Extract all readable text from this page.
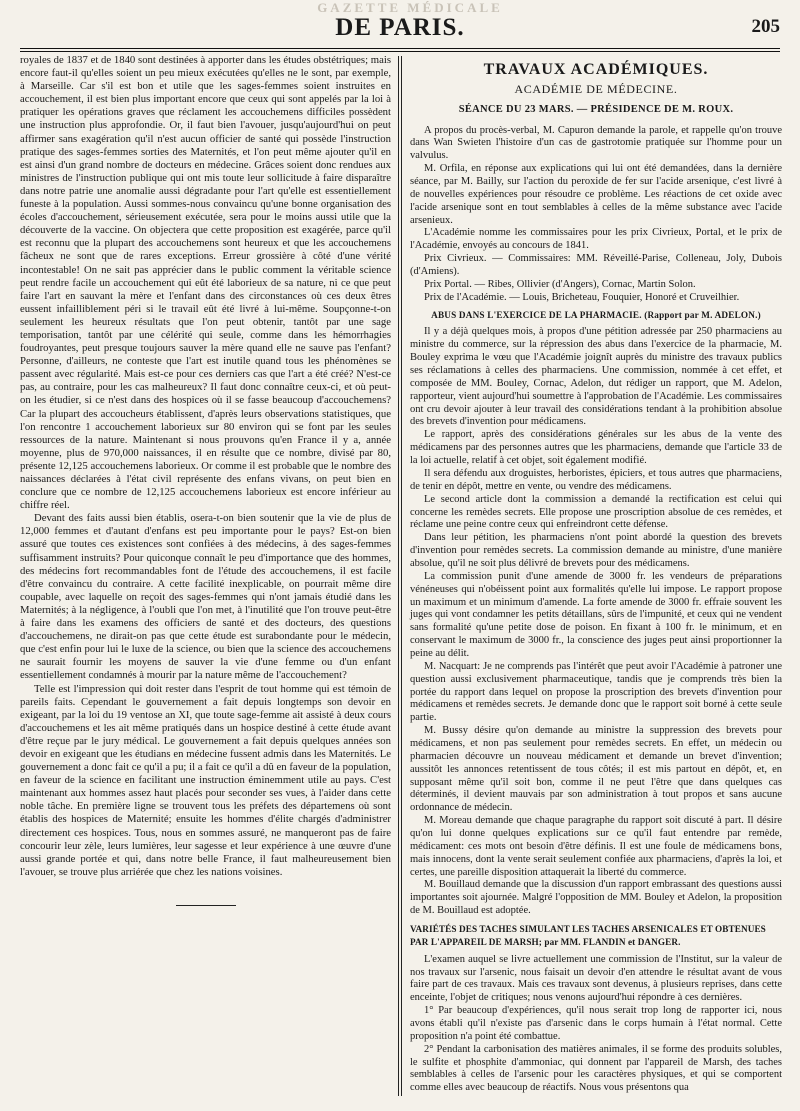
GAZETTE MÉDICALE
DE PARIS.	205

royales de 1837 et de 1840 sont destinées à apporter dans les études obstétriques; mais encore faut-il qu'elles soient un peu mieux exécutées qu'elles ne le sont, par exemple, à Marseille. Car s'il est bon et utile que les sages-femmes soient instruites en accouchement, il est bien plus important encore que ceux qui sont appelés par la loi à pratiquer les opérations graves que réclament les accouchemens difficiles possèdent une instruction plus approfondie. Or, il faut bien l'avouer, jusqu'aujourd'hui on peut affirmer sans exagération qu'il n'est aucun officier de santé qui possède l'instruction pratique des sages-femmes sorties des Maternités, et l'on peut même ajouter qu'il en est ainsi d'un grand nombre de docteurs en médecine. Grâces soient donc rendues aux ministres de l'instruction publique qui ont mis toute leur sollicitude à faire disparaître dans notre patrie une anomalie aussi dégradante pour l'art qu'elle est essentiellement funeste à la population. Aussi sommes-nous convaincu qu'une bonne organisation des écoles d'accouchement, sérieusement exécutée, sera pour le moins aussi utile que la découverte de la vaccine. On objectera que cette proposition est exagérée, parce qu'il est reconnu que la plupart des accouchemens sont heureux et que les accouchemens fâcheux ne sont que de rares exceptions. Erreur grossière à côté d'une vérité incontestable! On ne sait pas apprécier dans le public comment la véritable science peut rendre facile un accouchement qui eût été laborieux de sa nature, ni ce que peut faire l'art en sauvant la mère et l'enfant dans des circonstances où ces deux êtres eussent infailliblement péri si le travail eût été livré à lui-même. Soupçonne-t-on seulement les heureux résultats que l'on peut obtenir, tantôt par une sage temporisation, tantôt par une célérité qui seule, comme dans les hémorrhagies foudroyantes, peut presque toujours sauver la mère quand elle ne sauve pas l'enfant? Personne, d'ailleurs, ne conteste que l'art est inutile quand tous les phénomènes se passent avec régularité. Mais est-ce pour ces derniers cas que l'art a été créé? N'est-ce pas, au contraire, pour les cas malheureux? Il faut donc connaître ceux-ci, et où peut-on les étudier, si ce n'est dans des hospices où il se fasse beaucoup d'accouchemens? Car la plupart des accoucheurs établissent, d'après leurs observations statistiques, que l'on rencontre 1 accouchement laborieux sur 80 environ qui se font par les seules ressources de la nature. Maintenant si nous prouvons qu'en France il y a, année moyenne, plus de 970,000 naissances, il en résulte que ce nombre, divisé par 80, présente 12,125 accouchemens laborieux. Or comme il est probable que le nombre des naissances déclarées à l'état civil représente des enfans vivans, on peut bien en conclure que ce nombre de 12,125 accouchemens laborieux est encore inférieur au chiffre réel.

Devant des faits aussi bien établis, osera-t-on bien soutenir que la vie de plus de 12,000 femmes et d'autant d'enfans est peu importante pour le pays? Est-on bien assuré que toutes ces existences sont confiées à des médecins, à des sages-femmes suffisamment instruits? Pour quiconque connaît le peu d'importance que des hommes, des médecins fort recommandables font de l'étude des accouchemens, il est facile d'être convaincu du contraire. A cette facilité inexplicable, on pourrait même dire coupable, avec laquelle on reçoit des sages-femmes qui n'ont jamais étudié dans les Maternités; à la négligence, à l'oubli que l'on met, à l'inutilité que l'on trouve peut-être à faire dans les examens des officiers de santé et des docteurs, des questions d'accouchemens, ne dirait-on pas que cette étude est surabondante pour le médecin, que c'est enfin pour lui le luxe de la science, ou bien que la science des accouchemens ne saurait fournir les moyens de sauver la vie d'une femme ou d'un enfant essentiellement condamnés à mourir par la nature même de l'accouchement?

Telle est l'impression qui doit rester dans l'esprit de tout homme qui est témoin de pareils faits. Cependant le gouvernement a fait depuis longtemps son devoir en exigeant, par la loi du 19 ventose an XI, que toute sage-femme ait assisté à deux cours d'accouchemens et les ait même pratiqués dans un hospice destiné à cette étude avant d'être reçue par le jury médical. Le gouvernement a fait depuis quelques années son devoir en exigeant que les étudians en médecine fussent admis dans les Maternités. Le gouvernement a donc fait ce qu'il a pu; il a fait ce qu'il a dû en faveur de la population, en faveur de la science en facilitant une instruction éminemment utile au pays. C'est maintenant aux hommes assez haut placés pour seconder ses vues, à l'aider dans cette noble tâche. En première ligne se trouvent tous les préfets des départemens où sont établis des hospices de Maternité; ensuite les hommes d'élite chargés d'administrer directement ces hospices. Tous, nous en sommes assuré, ne manqueront pas de faire concourir leur zèle, leurs lumières, leur sagesse et leur expérience à une œuvre d'une aussi grande portée et qui, dans notre belle France, il faut malheureusement bien l'avouer, se trouve plus arriérée que chez les nations voisines.

TRAVAUX ACADÉMIQUES.
ACADÉMIE DE MÉDECINE.
SÉANCE DU 23 MARS. — PRÉSIDENCE DE M. ROUX.

A propos du procès-verbal, M. Capuron demande la parole, et rappelle qu'on trouve dans Wan Swieten l'histoire d'un cas de gastrotomie pratiquée sur l'homme pour un valvulus.

M. Orfila, en réponse aux explications qui lui ont été demandées, dans la dernière séance, par M. Bailly, sur l'action du peroxide de fer sur l'acide arsenique, c'est livré à de nouvelles expériences pour résoudre ce problème. Les réactions de cet oxide avec l'acide arsenique sont en tout semblables à celles de la même substance avec l'acide arsenieux.

L'Académie nomme les commissaires pour les prix Civrieux, Portal, et le prix de l'Académie, envoyés au concours de 1841.

Prix Civrieux. — Commissaires: MM. Réveillé-Parise, Colleneau, Joly, Dubois (d'Amiens).

Prix Portal. — Ribes, Ollivier (d'Angers), Cornac, Martin Solon.

Prix de l'Académie. — Louis, Bricheteau, Fouquier, Honoré et Cruveilhier.

ABUS DANS L'EXERCICE DE LA PHARMACIE. (Rapport par M. ADELON.)

Il y a déjà quelques mois, à propos d'une pétition adressée par 250 pharmaciens au ministre du commerce, sur la répression des abus dans l'exercice de la pharmacie, M. Bouley exprima le vœu que l'Académie joignît auprès du ministre des travaux publics ses réclamations à celles des pharmaciens. Une commission, nommée à cet effet, et composée de MM. Bouley, Cornac, Adelon, dut rédiger un rapport, que M. Adelon, rapporteur, vient aujourd'hui soumettre à l'approbation de l'Académie. Les commissaires ont cru devoir ajouter à leur travail des considérations tendant à la prohibition absolue des brevets d'invention pour médicamens.

Le rapport, après des considérations générales sur les abus de la vente des médicamens par des personnes autres que les pharmaciens, demande que l'article 33 de la loi actuelle, relatif à cet objet, soit également modifié.

Il sera défendu aux droguistes, herboristes, épiciers, et tous autres que pharmaciens, de tenir en dépôt, mettre en vente, ou vendre des médicamens.

Le second article dont la commission a demandé la rectification est celui qui concerne les remèdes secrets. Elle propose une proscription absolue de ces remèdes, et réclame une peine contre ceux qui enfreindront cette défense.

Dans leur pétition, les pharmaciens n'ont point abordé la question des brevets d'invention pour remèdes secrets. La commission demande au ministre, d'une manière absolue, qu'il ne soit plus délivré de brevets pour des médicamens.

La commission punit d'une amende de 3000 fr. les vendeurs de préparations vénéneuses qui n'obéissent point aux formalités qu'elle lui impose. Le rapport propose un maximum et un minimum d'amende. La forte amende de 3000 fr. effraie souvent les juges qui vont condamner les petits détaillans, sûrs de l'impunité, et ceux qui ne vendent sans formalité qu'une petite dose de poison. En fixant à 100 fr. le minimum, et en conservant le maximum de 3000 fr., la conscience des juges peut ainsi proportionner la peine au délit.

M. Nacquart: Je ne comprends pas l'intérêt que peut avoir l'Académie à patroner une question aussi exclusivement pharmaceutique, tandis que je comprends très bien la portée du rapport dans lequel on propose la proscription des brevets d'invention pour médicamens et remèdes secrets. Je demande donc que le rapport soit borné à cette seule partie.

M. Bussy désire qu'on demande au ministre la suppression des brevets pour médicamens, et non pas seulement pour remèdes secrets. En effet, un médecin ou pharmacien découvre un nouveau médicament et demande un brevet d'invention; aussitôt les annonces retentissent de tous côtés; il est mis partout en dépôt, et, en supposant même qu'il soit bon, comme il ne peut l'être que dans quelques cas déterminés, il devient mauvais par son administration à tout propos et sans aucune ordonnance de médecin.

M. Moreau demande que chaque paragraphe du rapport soit discuté à part. Il désire qu'on lui donne quelques explications sur ce qu'il faut entendre par remède, médicament: ces mots ont besoin d'être définis. Il est une foule de médicamens bons, mais innocens, dont la vente serait seulement confiée aux pharmaciens, d'après la loi, et certes, une pareille disposition attaquerait la liberté du commerce.

M. Bouillaud demande que la discussion d'un rapport embrassant des questions aussi importantes soit ajournée. Malgré l'opposition de MM. Bouley et Adelon, la proposition de M. Bouillaud est adoptée.

VARIÉTÉS DES TACHES SIMULANT LES TACHES ARSENICALES ET OBTENUES PAR L'APPAREIL DE MARSH; par MM. FLANDIN et DANGER.

L'examen auquel se livre actuellement une commission de l'Institut, sur la valeur de nos travaux sur l'arsenic, nous faisait un devoir d'en attendre le résultat avant de vous faire part de ces travaux. Mais ces travaux sont devenus, à plusieurs reprises, dans cette enceinte, l'objet de critiques; nous venons aujourd'hui répondre à ces dernières.

1° Par beaucoup d'expériences, qu'il nous serait trop long de rapporter ici, nous avons établi qu'il n'existe pas d'arsenic dans le corps humain à l'état normal. Cette proposition n'a point été combattue.

2° Pendant la carbonisation des matières animales, il se forme des produits solubles, le sulfite et phosphite d'ammoniac, qui donnent par l'appareil de Marsh, des taches semblables à celles de l'arsenic pour les caractères physiques, et qui se comportent comme elles avec beaucoup de réactifs. Nous vous présentons qua
